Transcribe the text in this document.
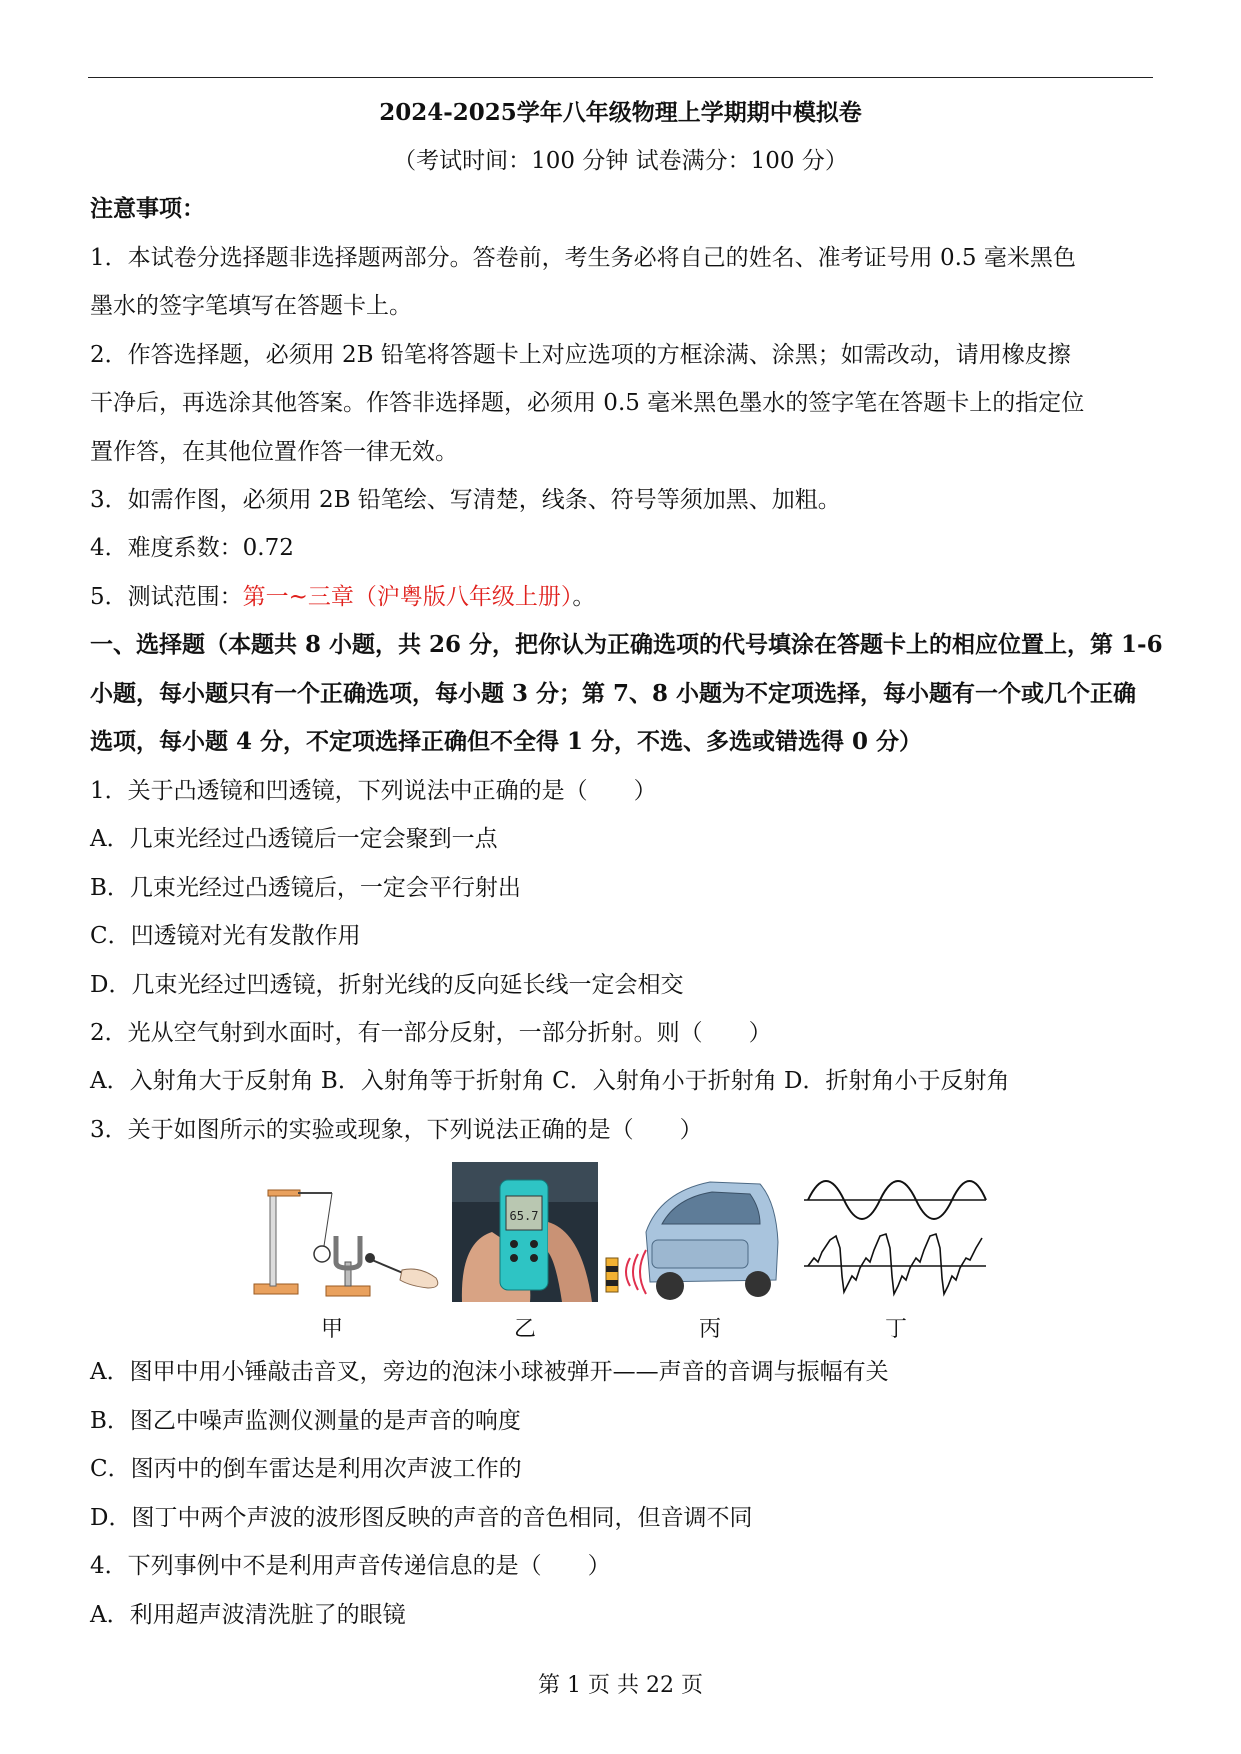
2024-2025学年八年级物理上学期期中模拟卷
（考试时间：100 分钟 试卷满分：100 分）
注意事项：
1．本试卷分选择题非选择题两部分。答卷前，考生务必将自己的姓名、准考证号用 0.5 毫米黑色
墨水的签字笔填写在答题卡上。
2．作答选择题，必须用 2B 铅笔将答题卡上对应选项的方框涂满、涂黑；如需改动，请用橡皮擦
干净后，再选涂其他答案。作答非选择题，必须用 0.5 毫米黑色墨水的签字笔在答题卡上的指定位
置作答，在其他位置作答一律无效。
3．如需作图，必须用 2B 铅笔绘、写清楚，线条、符号等须加黑、加粗。
4．难度系数：0.72
5．测试范围：第一~三章（沪粤版八年级上册）。
一、选择题（本题共 8 小题，共 26 分，把你认为正确选项的代号填涂在答题卡上的相应位置上，第 1-6
小题，每小题只有一个正确选项，每小题 3 分；第 7、8 小题为不定项选择，每小题有一个或几个正确
选项，每小题 4 分，不定项选择正确但不全得 1 分，不选、多选或错选得 0 分）
1．关于凸透镜和凹透镜，下列说法中正确的是（　　）
A．几束光经过凸透镜后一定会聚到一点
B．几束光经过凸透镜后，一定会平行射出
C．凹透镜对光有发散作用
D．几束光经过凹透镜，折射光线的反向延长线一定会相交
2．光从空气射到水面时，有一部分反射，一部分折射。则（　　）
A．入射角大于反射角 B．入射角等于折射角 C．入射角小于折射角 D．折射角小于反射角
3．关于如图所示的实验或现象，下列说法正确的是（　　）
65.7
甲	乙	丙	丁
A．图甲中用小锤敲击音叉，旁边的泡沫小球被弹开——声音的音调与振幅有关
B．图乙中噪声监测仪测量的是声音的响度
C．图丙中的倒车雷达是利用次声波工作的
D．图丁中两个声波的波形图反映的声音的音色相同，但音调不同
4．下列事例中不是利用声音传递信息的是（　　）
A．利用超声波清洗脏了的眼镜
第 1 页 共 22 页
